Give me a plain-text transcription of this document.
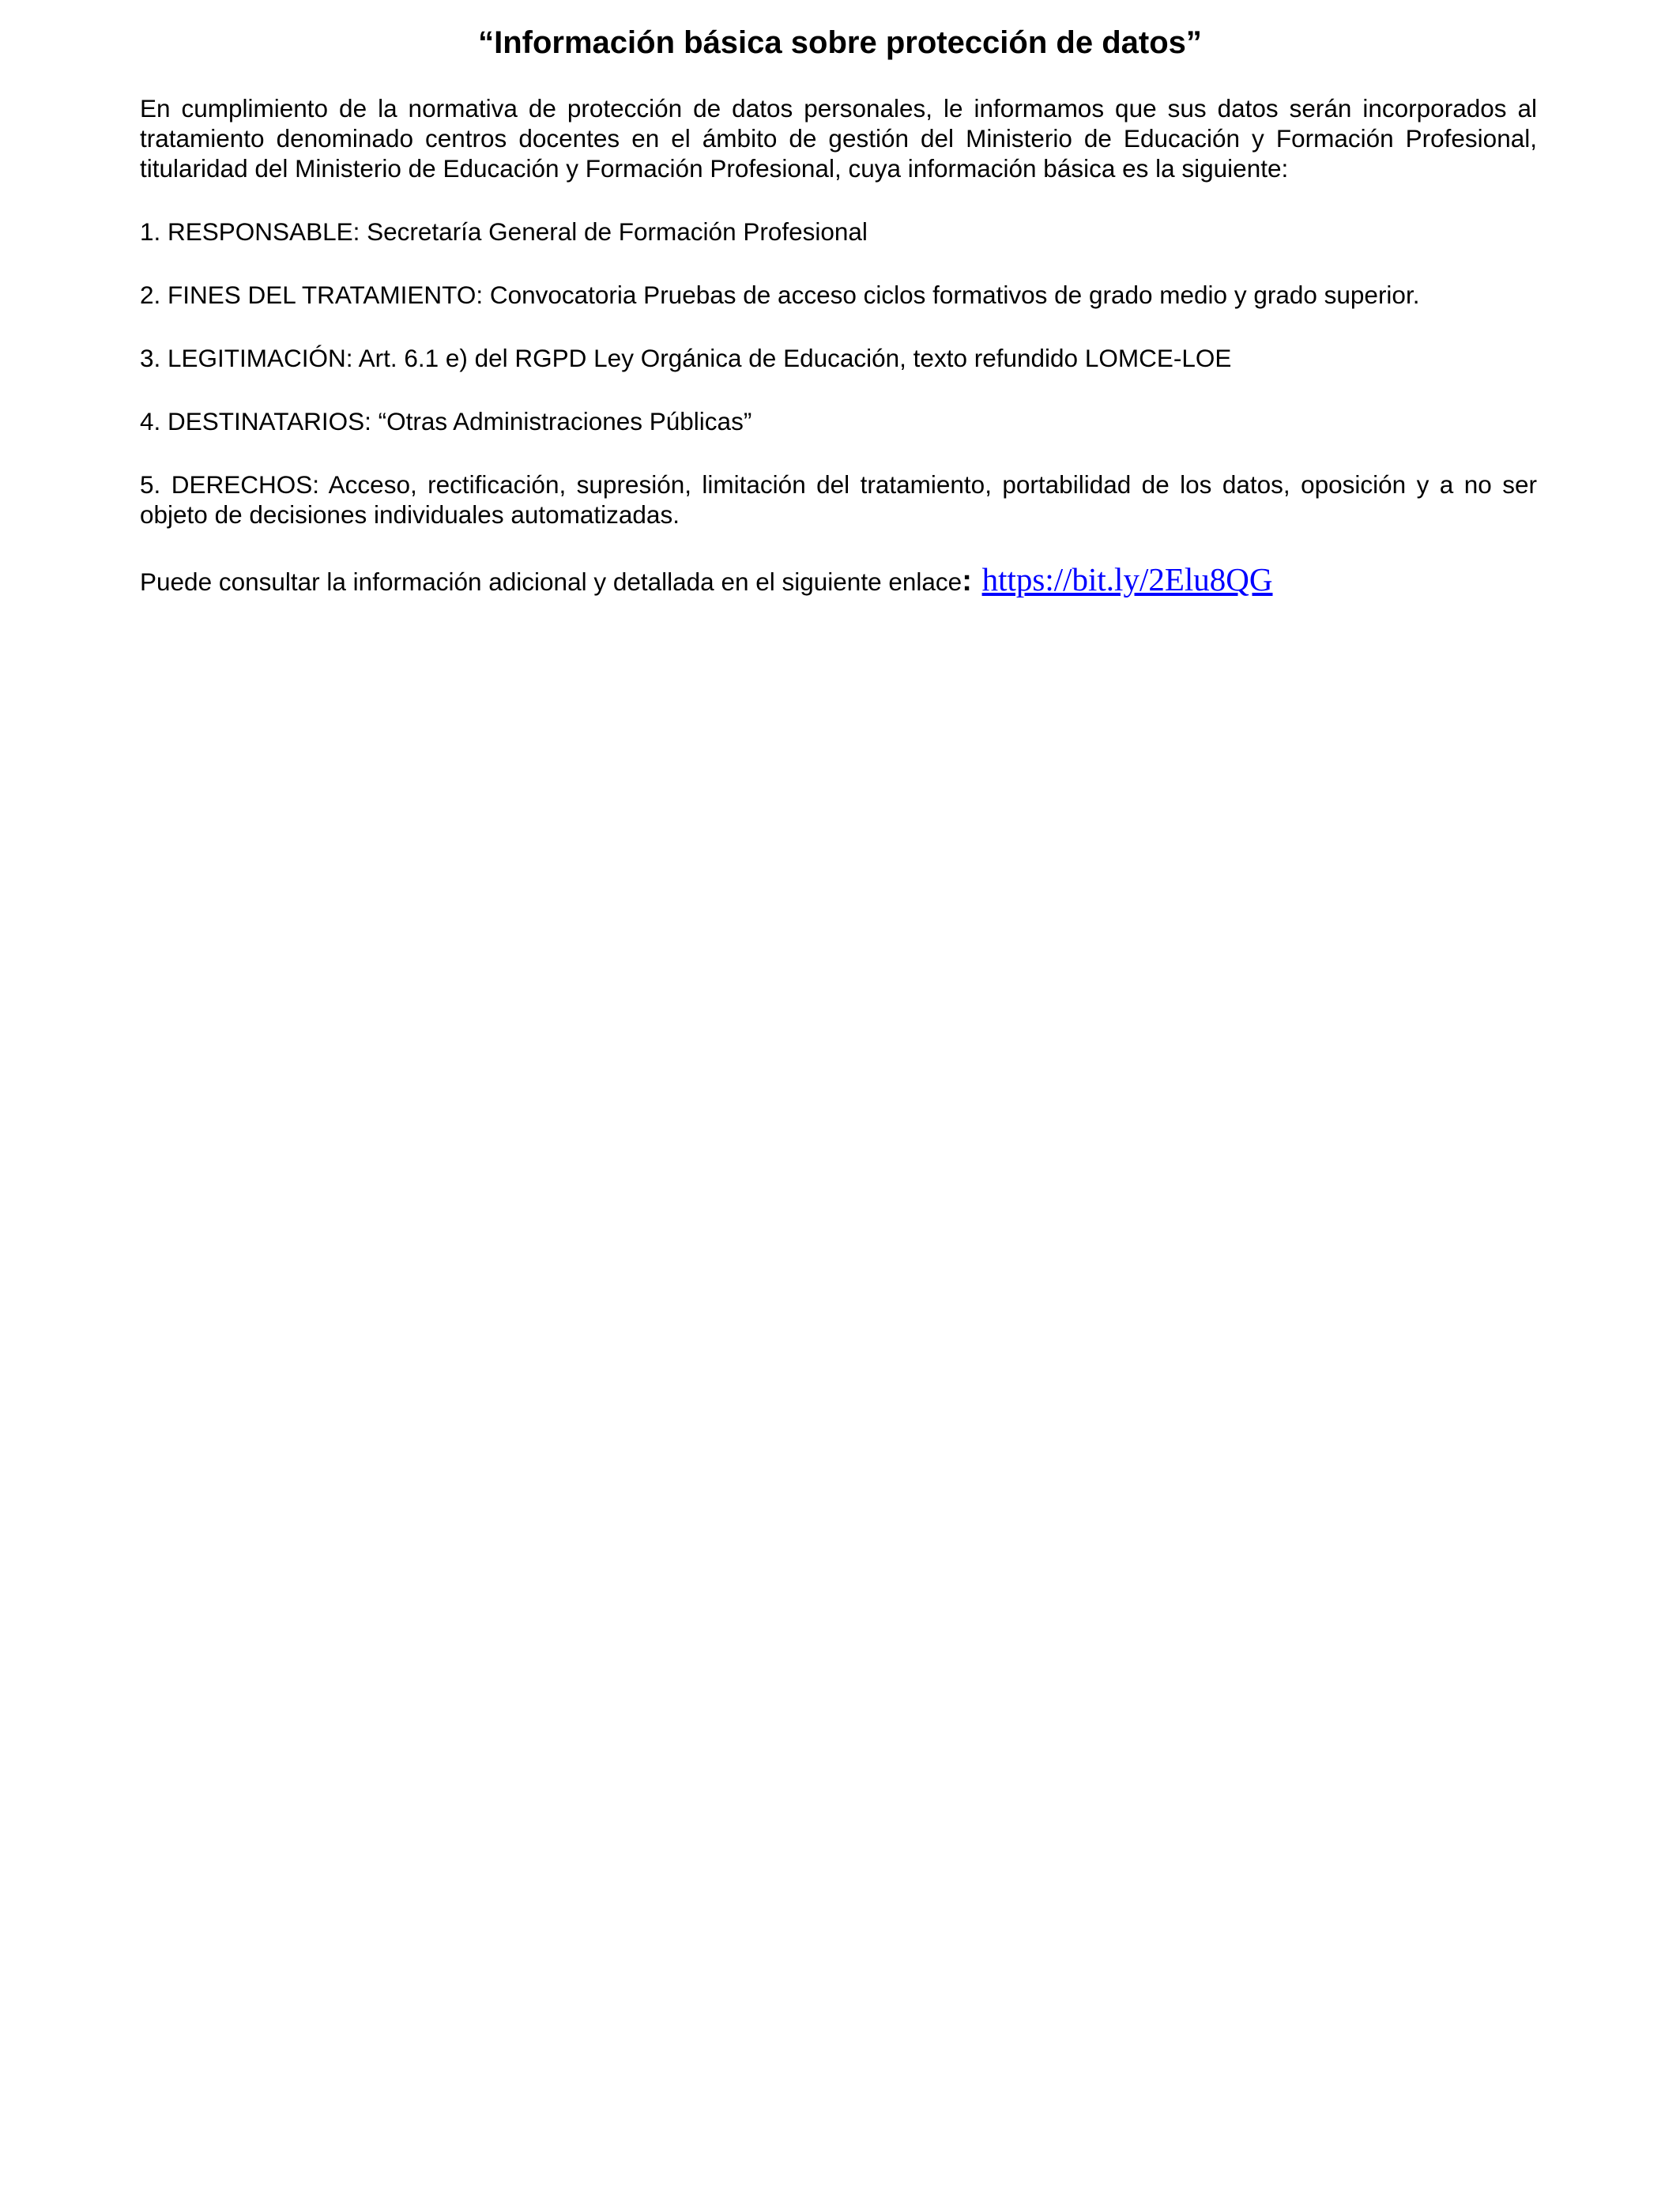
“Información básica sobre protección de datos”

En cumplimiento de la normativa de protección de datos personales, le informamos que sus datos serán incorporados al tratamiento denominado centros docentes en el ámbito de gestión del Ministerio de Educación y Formación Profesional, titularidad del Ministerio de Educación y Formación Profesional, cuya información básica es la siguiente:

1. RESPONSABLE: Secretaría General de Formación Profesional

2. FINES DEL TRATAMIENTO: Convocatoria Pruebas de acceso ciclos formativos de grado medio y grado superior.

3. LEGITIMACIÓN: Art. 6.1 e) del RGPD Ley Orgánica de Educación, texto refundido LOMCE-LOE

4. DESTINATARIOS: “Otras Administraciones Públicas”

5. DERECHOS: Acceso, rectificación, supresión, limitación del tratamiento, portabilidad de los datos, oposición y a no ser objeto de decisiones individuales automatizadas.

Puede consultar la información adicional y detallada en el siguiente enlace: https://bit.ly/2Elu8QG
